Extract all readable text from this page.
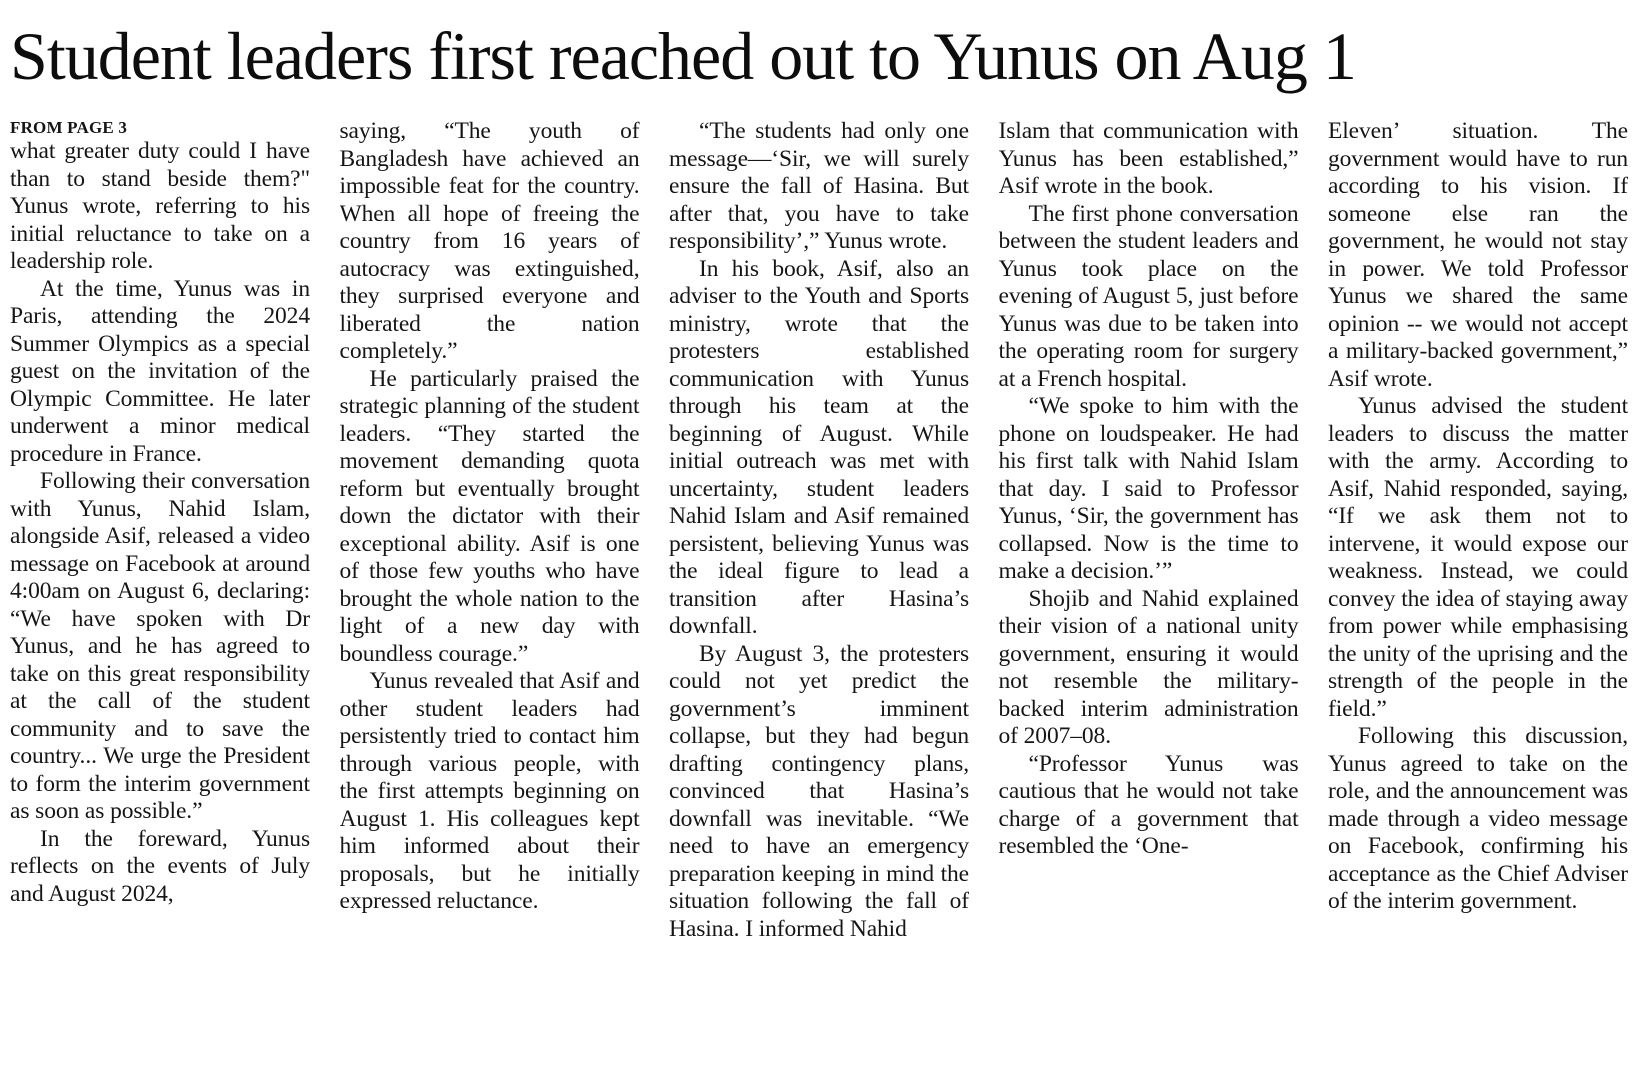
Student leaders first reached out to Yunus on Aug 1
FROM PAGE 3

what greater duty could I have than to stand beside them?" Yunus wrote, referring to his initial reluctance to take on a leadership role.

At the time, Yunus was in Paris, attending the 2024 Summer Olympics as a special guest on the invitation of the Olympic Committee. He later underwent a minor medical procedure in France.

Following their conversation with Yunus, Nahid Islam, alongside Asif, released a video message on Facebook at around 4:00am on August 6, declaring: “We have spoken with Dr Yunus, and he has agreed to take on this great responsibility at the call of the student community and to save the country... We urge the President to form the interim government as soon as possible.”

In the foreward, Yunus reflects on the events of July and August 2024,

saying, “The youth of Bangladesh have achieved an impossible feat for the country. When all hope of freeing the country from 16 years of autocracy was extinguished, they surprised everyone and liberated the nation completely.”

He particularly praised the strategic planning of the student leaders. “They started the movement demanding quota reform but eventually brought down the dictator with their exceptional ability. Asif is one of those few youths who have brought the whole nation to the light of a new day with boundless courage.”

Yunus revealed that Asif and other student leaders had persistently tried to contact him through various people, with the first attempts beginning on August 1. His colleagues kept him informed about their proposals, but he initially expressed reluctance.

“The students had only one message—‘Sir, we will surely ensure the fall of Hasina. But after that, you have to take responsibility’,” Yunus wrote.

In his book, Asif, also an adviser to the Youth and Sports ministry, wrote that the protesters established communication with Yunus through his team at the beginning of August. While initial outreach was met with uncertainty, student leaders Nahid Islam and Asif remained persistent, believing Yunus was the ideal figure to lead a transition after Hasina’s downfall.

By August 3, the protesters could not yet predict the government’s imminent collapse, but they had begun drafting contingency plans, convinced that Hasina’s downfall was inevitable. “We need to have an emergency preparation keeping in mind the situation following the fall of Hasina. I informed Nahid

Islam that communication with Yunus has been established,” Asif wrote in the book.

The first phone conversation between the student leaders and Yunus took place on the evening of August 5, just before Yunus was due to be taken into the operating room for surgery at a French hospital.

“We spoke to him with the phone on loudspeaker. He had his first talk with Nahid Islam that day. I said to Professor Yunus, ‘Sir, the government has collapsed. Now is the time to make a decision.’”

Shojib and Nahid explained their vision of a national unity government, ensuring it would not resemble the military-backed interim administration of 2007–08.

“Professor Yunus was cautious that he would not take charge of a government that resembled the ‘One-

Eleven’ situation. The government would have to run according to his vision. If someone else ran the government, he would not stay in power. We told Professor Yunus we shared the same opinion -- we would not accept a military-backed government,” Asif wrote.

Yunus advised the student leaders to discuss the matter with the army. According to Asif, Nahid responded, saying, “If we ask them not to intervene, it would expose our weakness. Instead, we could convey the idea of staying away from power while emphasising the unity of the uprising and the strength of the people in the field.”

Following this discussion, Yunus agreed to take on the role, and the announcement was made through a video message on Facebook, confirming his acceptance as the Chief Adviser of the interim government.
